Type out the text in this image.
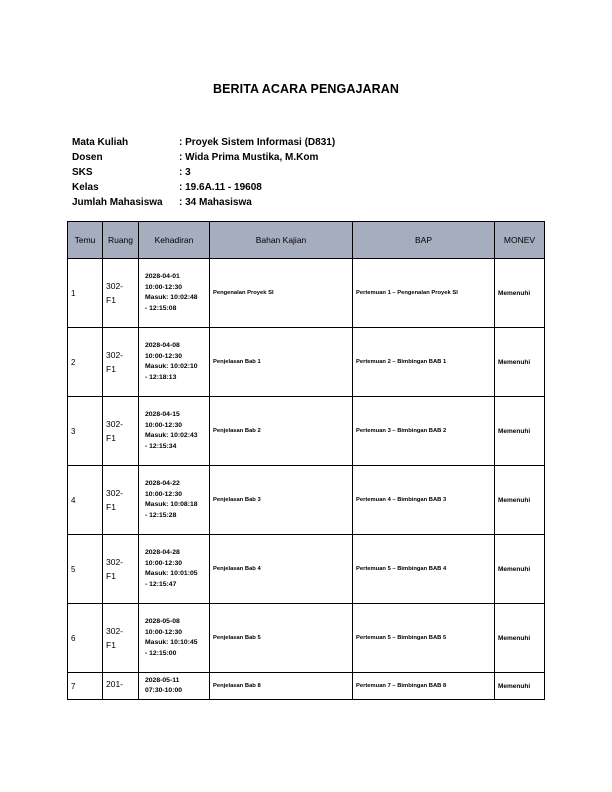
BERITA ACARA PENGAJARAN
Mata Kuliah	: Proyek Sistem Informasi (D831)
Dosen	: Wida Prima Mustika, M.Kom
SKS	: 3
Kelas	: 19.6A.11 - 19608
Jumlah Mahasiswa	: 34 Mahasiswa
Temu	Ruang	Kehadiran	Bahan Kajian	BAP	MONEV
1	302-
F1	2028-04-01
10:00-12:30
Masuk: 10:02:48
- 12:15:08	Pengenalan Proyek SI	Pertemuan 1 – Pengenalan Proyek SI	Memenuhi
2	302-
F1	2028-04-08
10:00-12:30
Masuk: 10:02:10
- 12:18:13	Penjelasan Bab 1	Pertemuan 2 – Bimbingan BAB 1	Memenuhi
3	302-
F1	2028-04-15
10:00-12:30
Masuk: 10:02:43
- 12:15:34	Penjelasan Bab 2	Pertemuan 3 – Bimbingan BAB 2	Memenuhi
4	302-
F1	2028-04-22
10:00-12:30
Masuk: 10:08:18
- 12:15:28	Penjelasan Bab 3	Pertemuan 4 – Bimbingan BAB 3	Memenuhi
5	302-
F1	2028-04-28
10:00-12:30
Masuk: 10:01:05
- 12:15:47	Penjelasan Bab 4	Pertemuan 5 – Bimbingan BAB 4	Memenuhi
6	302-
F1	2028-05-08
10:00-12:30
Masuk: 10:10:45
- 12:15:00	Penjelasan Bab 5	Pertemuan 5 – Bimbingan BAB 5	Memenuhi
7	201-	2028-05-11
07:30-10:00	Penjelasan Bab 8	Pertemuan 7 – Bimbingan BAB 8	Memenuhi
